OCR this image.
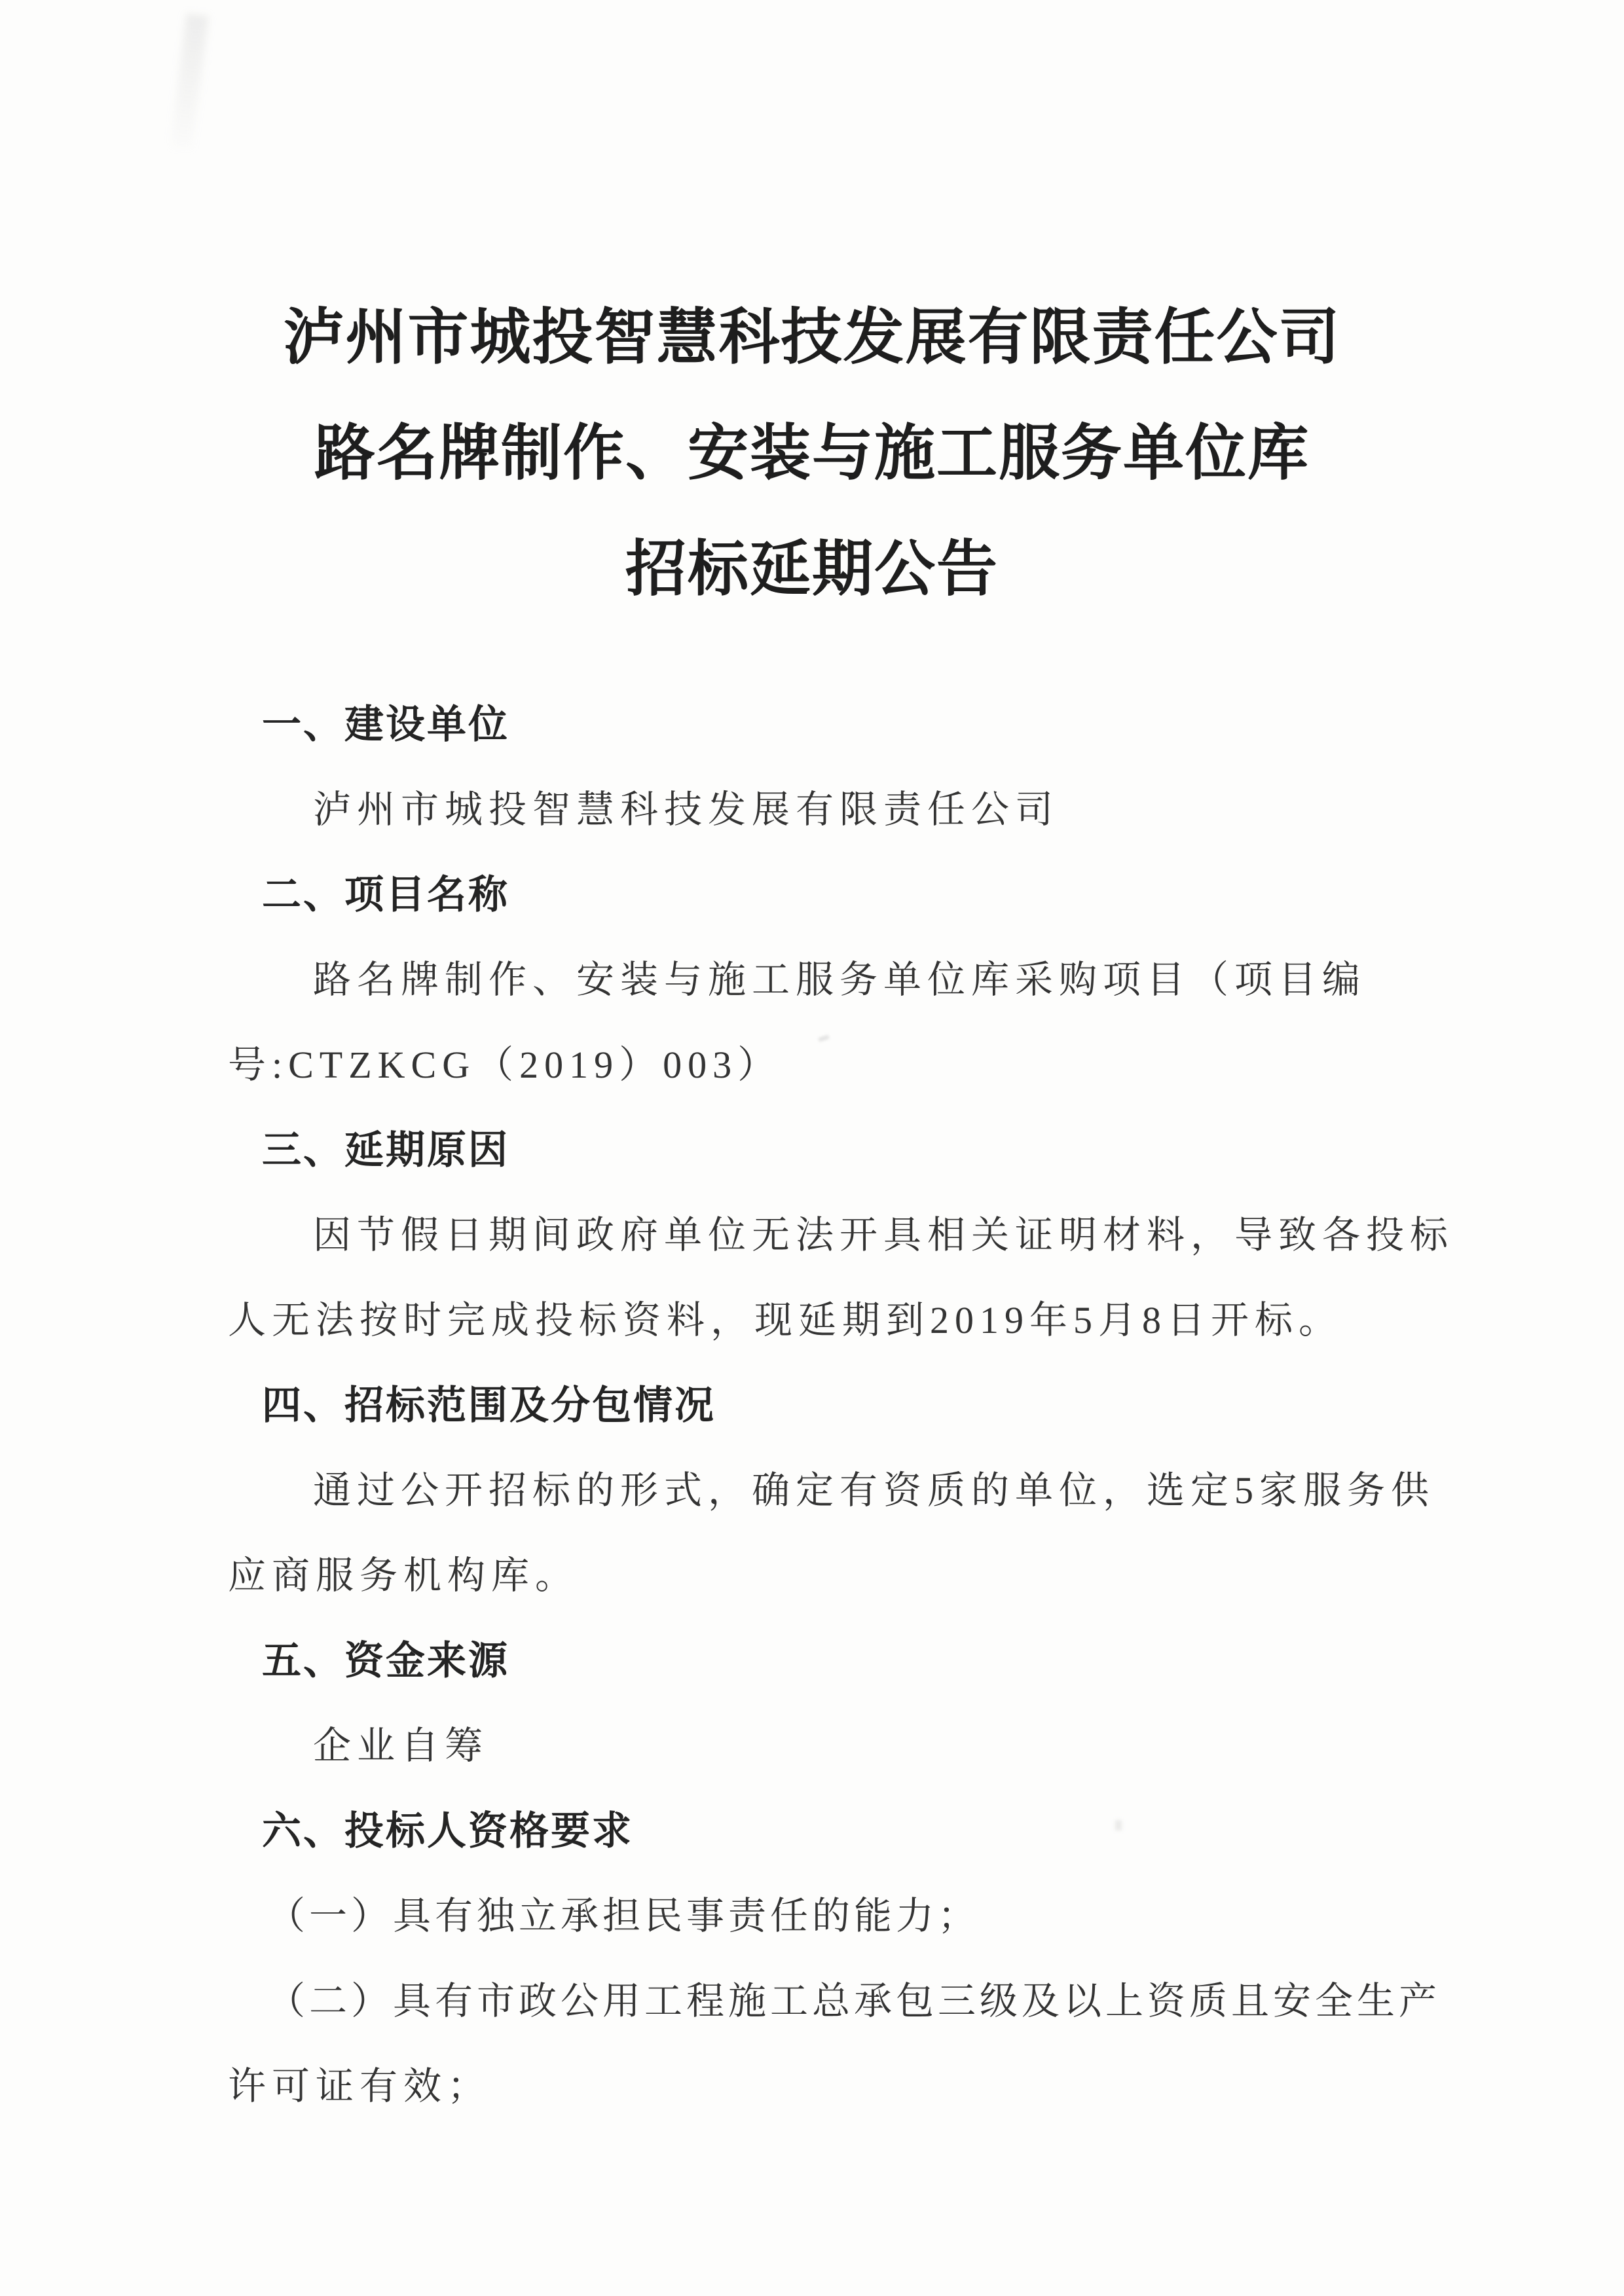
泸州市城投智慧科技发展有限责任公司
路名牌制作、安装与施工服务单位库
招标延期公告
一、建设单位
泸州市城投智慧科技发展有限责任公司
二、项目名称
路名牌制作、安装与施工服务单位库采购项目（项目编
号:CTZKCG（2019）003）
三、延期原因
因节假日期间政府单位无法开具相关证明材料，导致各投标
人无法按时完成投标资料，现延期到2019年5月8日开标。
四、招标范围及分包情况
通过公开招标的形式，确定有资质的单位，选定5家服务供
应商服务机构库。
五、资金来源
企业自筹
六、投标人资格要求
（一）具有独立承担民事责任的能力；
（二）具有市政公用工程施工总承包三级及以上资质且安全生产
许可证有效；
